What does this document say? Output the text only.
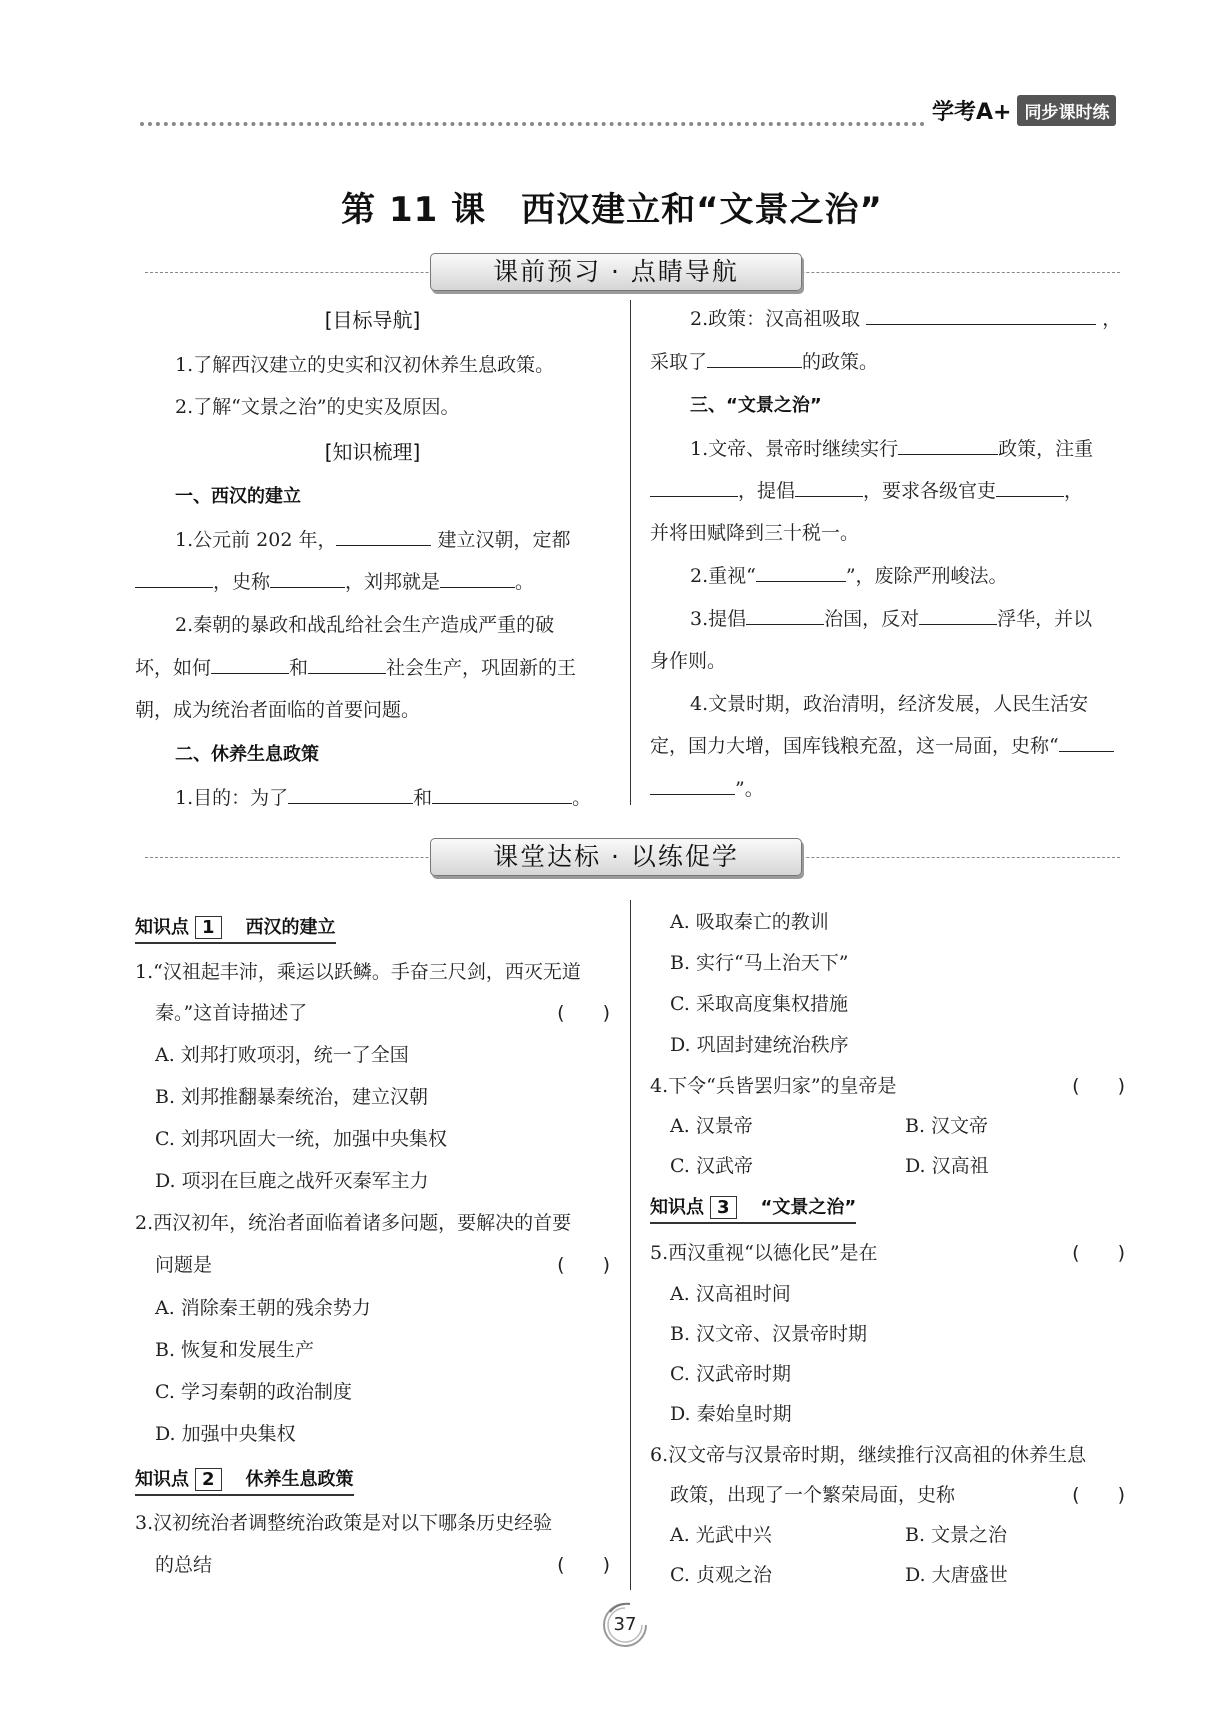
学考A+ 同步课时练
第 11 课　西汉建立和“文景之治”
课前预习 · 点睛导航
[目标导航]
1.了解西汉建立的史实和汉初休养生息政策。
2.了解“文景之治”的史实及原因。
[知识梳理]
一、西汉的建立
1.公元前 202 年，	建立汉朝，定都
，史称	，刘邦就是	。
2.秦朝的暴政和战乱给社会生产造成严重的破
坏，如何	和	社会生产，巩固新的王
朝，成为统治者面临的首要问题。
二、休养生息政策
1.目的：为了	和	。
2.政策：汉高祖吸取	，
采取了	的政策。
三、“文景之治”
1.文帝、景帝时继续实行	政策，注重
，提倡	，要求各级官吏	，
并将田赋降到三十税一。
2.重视“	”，废除严刑峻法。
3.提倡	治国，反对	浮华，并以
身作则。
4.文景时期，政治清明，经济发展，人民生活安
定，国力大增，国库钱粮充盈，这一局面，史称“
”。
课堂达标 · 以练促学
知识点 1 西汉的建立
1.“汉祖起丰沛，乘运以跃鳞。手奋三尺剑，西灭无道
秦。”这首诗描述了	(　　)
A. 刘邦打败项羽，统一了全国
B. 刘邦推翻暴秦统治，建立汉朝
C. 刘邦巩固大一统，加强中央集权
D. 项羽在巨鹿之战歼灭秦军主力
2.西汉初年，统治者面临着诸多问题，要解决的首要
问题是	(　　)
A. 消除秦王朝的残余势力
B. 恢复和发展生产
C. 学习秦朝的政治制度
D. 加强中央集权
知识点 2 休养生息政策
3.汉初统治者调整统治政策是对以下哪条历史经验
的总结	(　　)
A. 吸取秦亡的教训
B. 实行“马上治天下”
C. 采取高度集权措施
D. 巩固封建统治秩序
4.下令“兵皆罢归家”的皇帝是	(　　)
A. 汉景帝	B. 汉文帝
C. 汉武帝	D. 汉高祖
知识点 3 “文景之治”
5.西汉重视“以德化民”是在	(　　)
A. 汉高祖时间
B. 汉文帝、汉景帝时期
C. 汉武帝时期
D. 秦始皇时期
6.汉文帝与汉景帝时期，继续推行汉高祖的休养生息
政策，出现了一个繁荣局面，史称	(　　)
A. 光武中兴	B. 文景之治
C. 贞观之治	D. 大唐盛世
37
